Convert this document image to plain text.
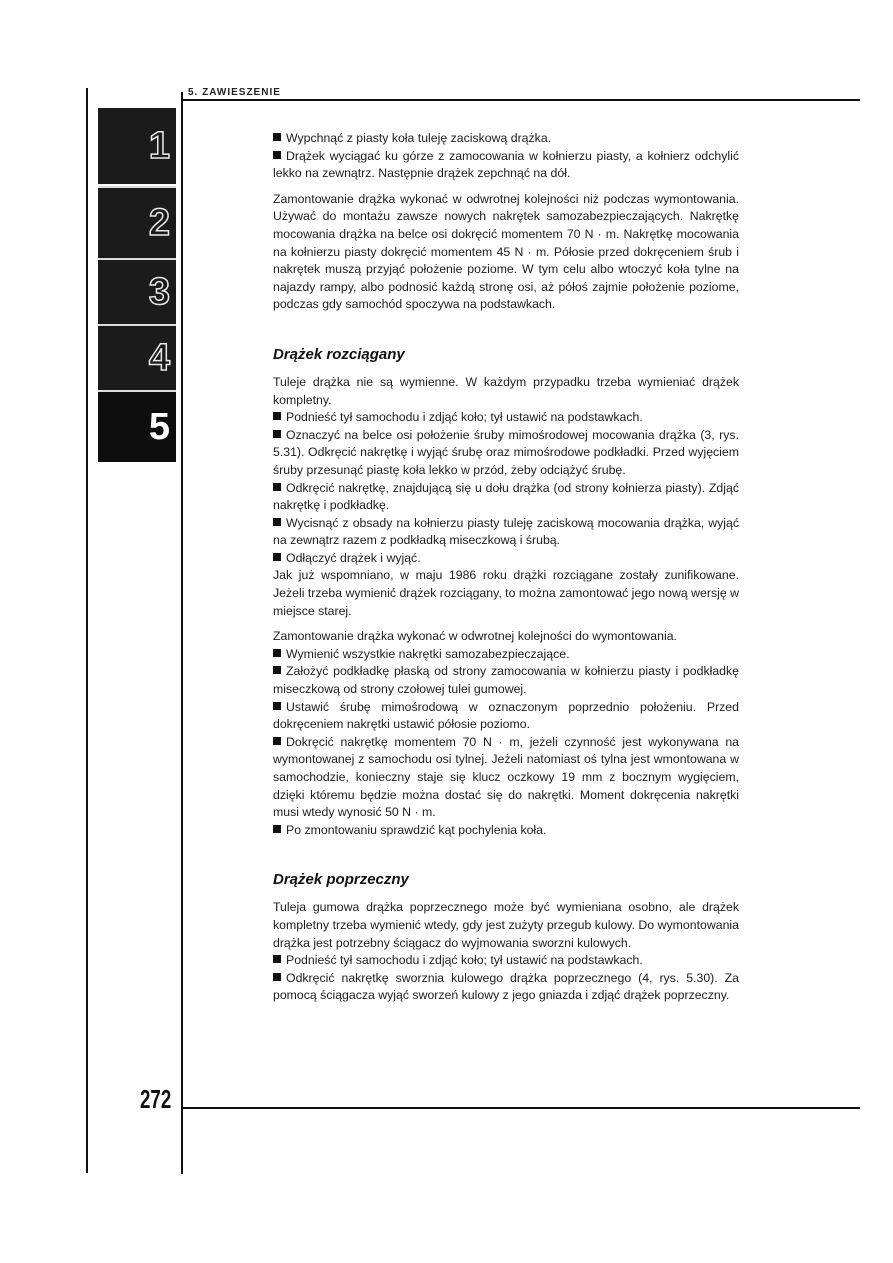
5. ZAWIESZENIE
1
2
3
4
5
272

Wypchnąć z piasty koła tuleję zaciskową drążka.

Drążek wyciągać ku górze z zamocowania w kołnierzu piasty, a kołnierz odchylić lekko na zewnątrz. Następnie drążek zepchnąć na dół.

Zamontowanie drążka wykonać w odwrotnej kolejności niż podczas wymontowania. Używać do montażu zawsze nowych nakrętek samozabezpieczających. Nakrętkę mocowania drążka na belce osi dokręcić momentem 70 N · m. Nakrętkę mocowania na kołnierzu piasty dokręcić momentem 45 N · m. Półosie przed dokręceniem śrub i nakrętek muszą przyjąć położenie poziome. W tym celu albo wtoczyć koła tylne na najazdy rampy, albo podnosić każdą stronę osi, aż półoś zajmie położenie poziome, podczas gdy samochód spoczywa na podstawkach.

Drążek rozciągany

Tuleje drążka nie są wymienne. W każdym przypadku trzeba wymieniać drążek kompletny.

Podnieść tył samochodu i zdjąć koło; tył ustawić na podstawkach.

Oznaczyć na belce osi położenie śruby mimośrodowej mocowania drążka (3, rys. 5.31). Odkręcić nakrętkę i wyjąć śrubę oraz mimośrodowe podkładki. Przed wyjęciem śruby przesunąć piastę koła lekko w przód, żeby odciążyć śrubę.

Odkręcić nakrętkę, znajdującą się u dołu drążka (od strony kołnierza piasty). Zdjąć nakrętkę i podkładkę.

Wycisnąć z obsady na kołnierzu piasty tuleję zaciskową mocowania drążka, wyjąć na zewnątrz razem z podkładką miseczkową i śrubą.

Odłączyć drążek i wyjąć.

Jak już wspomniano, w maju 1986 roku drążki rozciągane zostały zunifikowane. Jeżeli trzeba wymienić drążek rozciągany, to można zamontować jego nową wersję w miejsce starej.

Zamontowanie drążka wykonać w odwrotnej kolejności do wymontowania.

Wymienić wszystkie nakrętki samozabezpieczające.

Założyć podkładkę płaską od strony zamocowania w kołnierzu piasty i podkładkę miseczkową od strony czołowej tulei gumowej.

Ustawić śrubę mimośrodową w oznaczonym poprzednio położeniu. Przed dokręceniem nakrętki ustawić półosie poziomo.

Dokręcić nakrętkę momentem 70 N · m, jeżeli czynność jest wykonywana na wymontowanej z samochodu osi tylnej. Jeżeli natomiast oś tylna jest wmontowana w samochodzie, konieczny staje się klucz oczkowy 19 mm z bocznym wygięciem, dzięki któremu będzie można dostać się do nakrętki. Moment dokręcenia nakrętki musi wtedy wynosić 50 N · m.

Po zmontowaniu sprawdzić kąt pochylenia koła.

Drążek poprzeczny

Tuleja gumowa drążka poprzecznego może być wymieniana osobno, ale drążek kompletny trzeba wymienić wtedy, gdy jest zużyty przegub kulowy. Do wymontowania drążka jest potrzebny ściągacz do wyjmowania sworzni kulowych.

Podnieść tył samochodu i zdjąć koło; tył ustawić na podstawkach.

Odkręcić nakrętkę sworznia kulowego drążka poprzecznego (4, rys. 5.30). Za pomocą ściągacza wyjąć sworzeń kulowy z jego gniazda i zdjąć drążek poprzeczny.
